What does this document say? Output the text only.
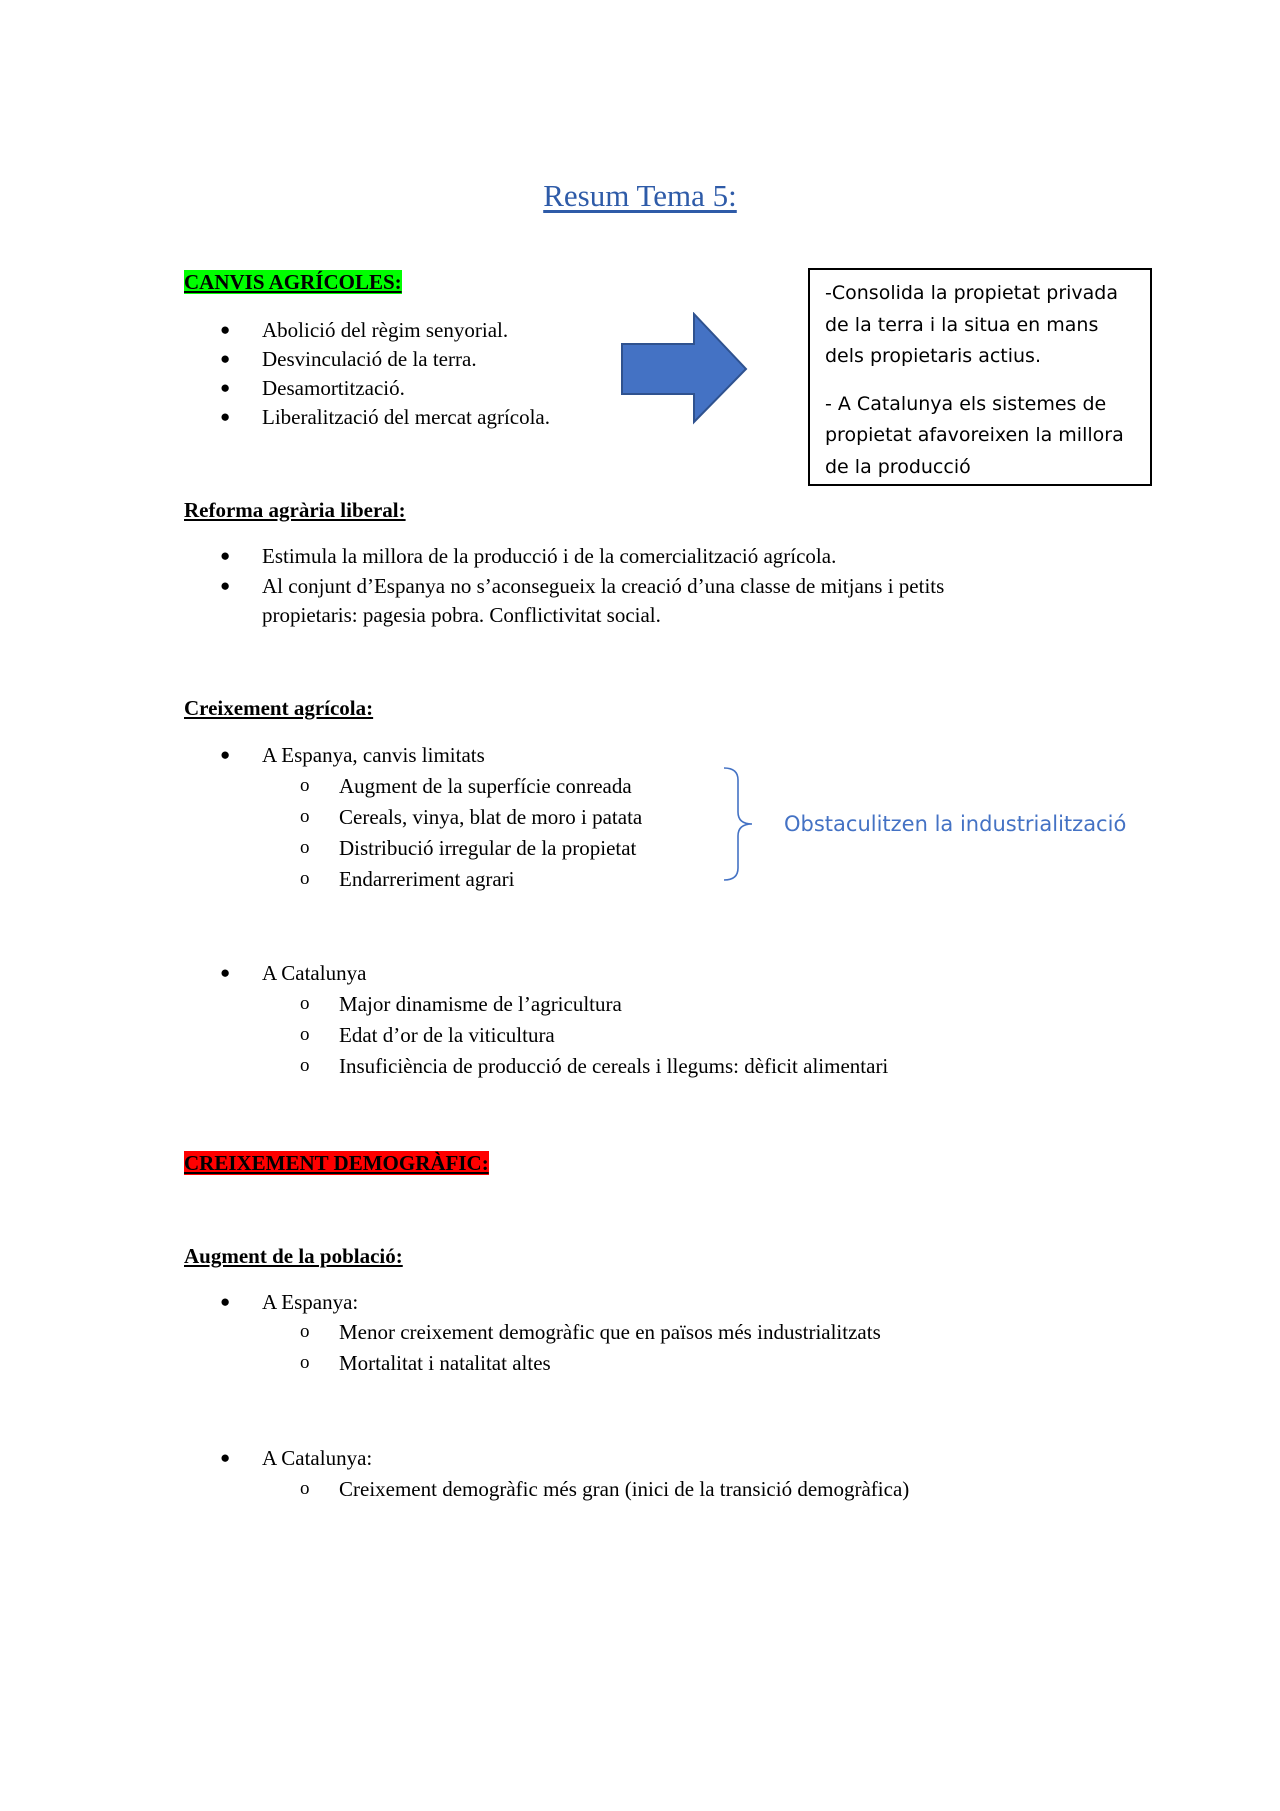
Resum Tema 5:
CANVIS AGRÍCOLES:
● Abolició del règim senyorial.
● Desvinculació de la terra.
● Desamortització.
● Liberalització del mercat agrícola.

-Consolida la propietat privada de la terra i la situa en mans dels propietaris actius.

- A Catalunya els sistemes de propietat afavoreixen la millora de la producció

Reforma agrària liberal:
● Estimula la millora de la producció i de la comercialització agrícola.
● Al conjunt d’Espanya no s’aconsegueix la creació d’una classe de mitjans i petits
propietaris: pagesia pobra. Conflictivitat social.
Creixement agrícola:
● A Espanya, canvis limitats
o Augment de la superfície conreada
o Cereals, vinya, blat de moro i patata
o Distribució irregular de la propietat
o Endarreriment agrari
Obstaculitzen la industrialització
● A Catalunya
o Major dinamisme de l’agricultura
o Edat d’or de la viticultura
o Insuficiència de producció de cereals i llegums: dèficit alimentari
CREIXEMENT DEMOGRÀFIC:
Augment de la població:
● A Espanya:
o Menor creixement demogràfic que en països més industrialitzats
o Mortalitat i natalitat altes
● A Catalunya:
o Creixement demogràfic més gran (inici de la transició demogràfica)
